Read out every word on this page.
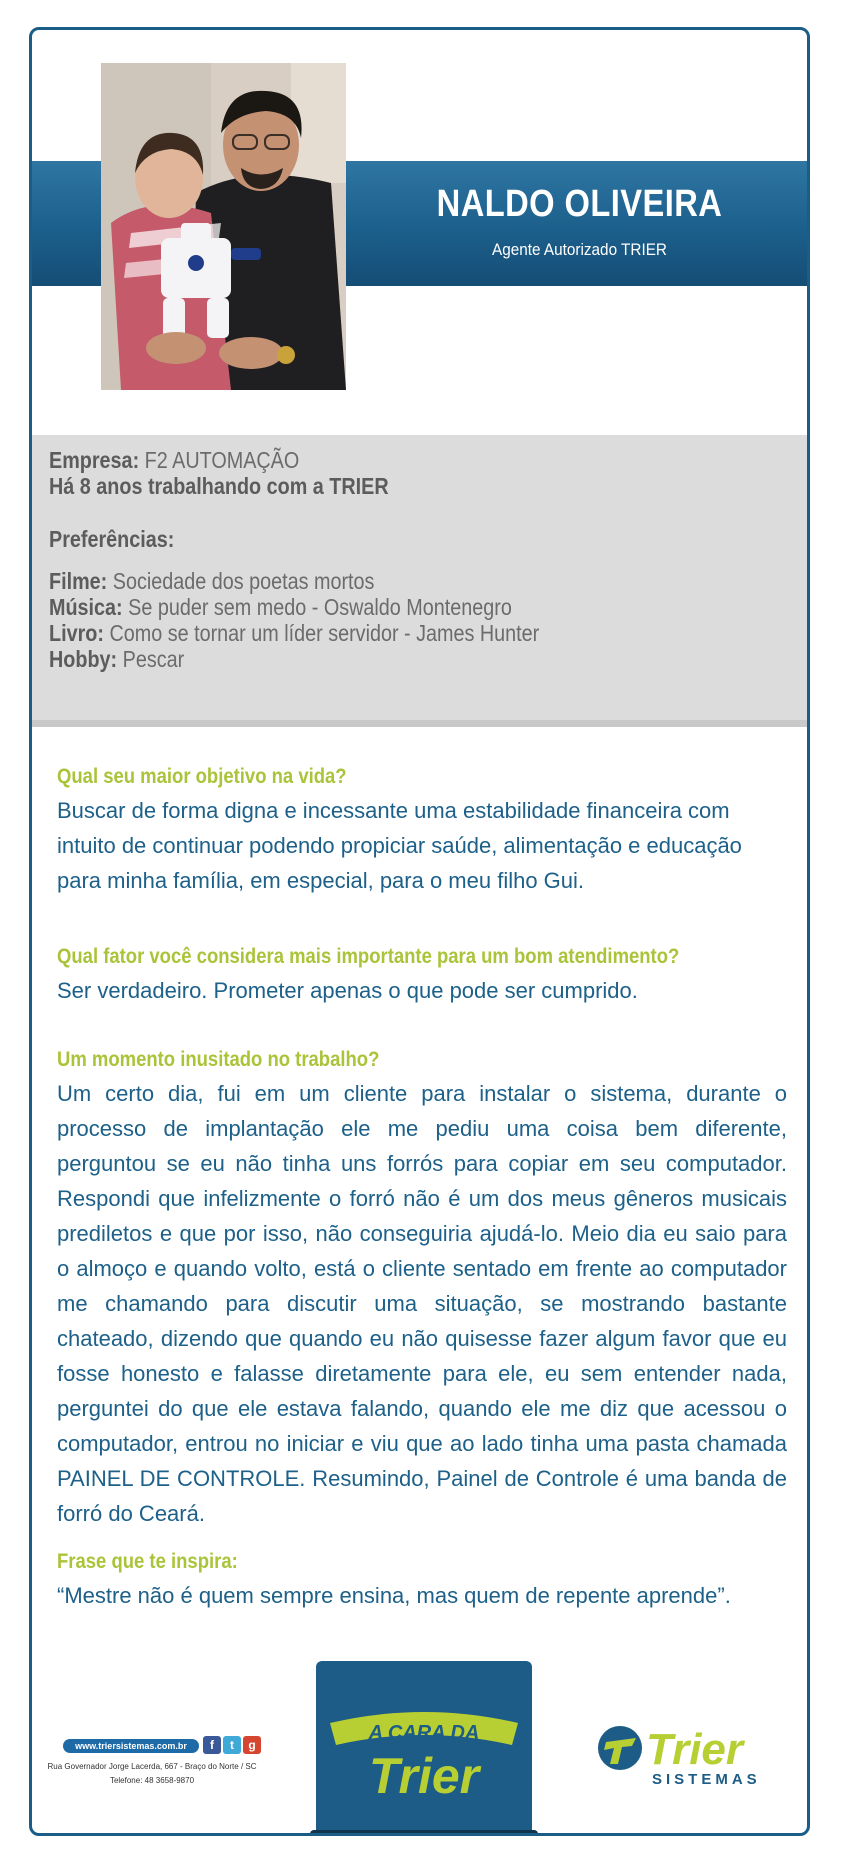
NALDO OLIVEIRA
Agente Autorizado TRIER
Empresa: F2 AUTOMAÇÃO
Há 8 anos trabalhando com a TRIER
Preferências:
Filme: Sociedade dos poetas mortos
Música: Se puder sem medo - Oswaldo Montenegro
Livro: Como se tornar um líder servidor - James Hunter
Hobby: Pescar
Qual seu maior objetivo na vida?
Buscar de forma digna e incessante uma estabilidade financeira com intuito de continuar podendo propiciar saúde, alimentação e educação para minha família, em especial, para o meu filho Gui.
Qual fator você considera mais importante para um bom atendimento?
Ser verdadeiro. Prometer apenas o que pode ser cumprido.
Um momento inusitado no trabalho?
Um certo dia, fui em um cliente para instalar o sistema, durante o processo de implantação ele me pediu uma coisa bem diferente, perguntou se eu não tinha uns forrós para copiar em seu computador. Respondi que infelizmente o forró não é um dos meus gêneros musicais prediletos e que por isso, não conseguiria ajudá-lo. Meio dia eu saio para o almoço e quando volto, está o cliente sentado em frente ao computador me chamando para discutir uma situação, se mostrando bastante chateado, dizendo que quando eu não quisesse fazer algum favor que eu fosse honesto e falasse diretamente para ele, eu sem entender nada, perguntei do que ele estava falando, quando ele me diz que acessou o computador, entrou no iniciar e viu que ao lado tinha uma pasta chamada PAINEL DE CONTROLE. Resumindo, Painel de Controle é uma banda de forró do Ceará.
Frase que te inspira:
“Mestre não é quem sempre ensina, mas quem de repente aprende”.
www.triersistemas.com.br	f	t	g
Rua Governador Jorge Lacerda, 667 - Braço do Norte / SC
Telefone: 48 3658-9870
A CARA DA
Trier	Trier
SISTEMAS
